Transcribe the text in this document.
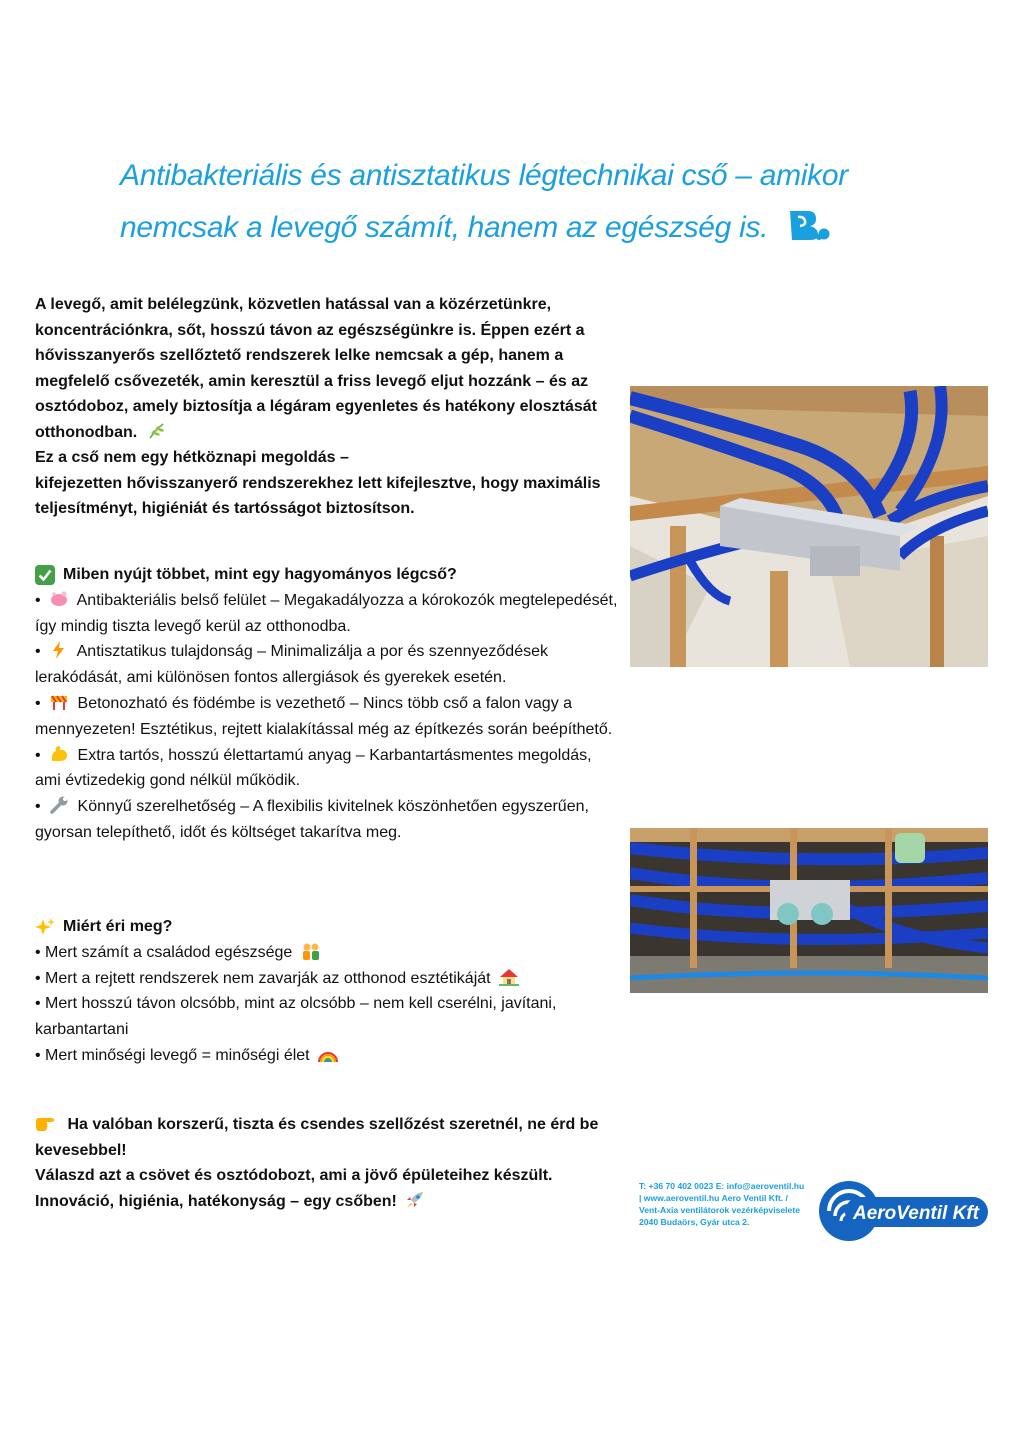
Antibakteriális és antisztatikus légtechnikai cső – amikor
nemcsak a levegő számít, hanem az egészség is.

A levegő, amit belélegzünk, közvetlen hatással van a közérzetünkre, koncentrációnkra, sőt, hosszú távon az egészségünkre is. Éppen ezért a hővisszanyerős szellőztető rendszerek lelke nemcsak a gép, hanem a megfelelő csővezeték, amin keresztül a friss levegő eljut hozzánk – és az osztódoboz, amely biztosítja a légáram egyenletes és hatékony elosztását otthonodban.

Ez a cső nem egy hétköznapi megoldás –

kifejezetten hővisszanyerő rendszerekhez lett kifejlesztve, hogy maximális teljesítményt, higiéniát és tartósságot biztosítson.

Miben nyújt többet, mint egy hagyományos légcső?

• Antibakteriális belső felület – Megakadályozza a kórokozók megtelepedését, így mindig tiszta levegő kerül az otthonodba.

• Antisztatikus tulajdonság – Minimalizálja a por és szennyeződések lerakódását, ami különösen fontos allergiások és gyerekek esetén.

• Betonozható és födémbe is vezethető – Nincs több cső a falon vagy a mennyezeten! Esztétikus, rejtett kialakítással még az építkezés során beépíthető.

• Extra tartós, hosszú élettartamú anyag – Karbantartásmentes megoldás, ami évtizedekig gond nélkül működik.

• Könnyű szerelhetőség – A flexibilis kivitelnek köszönhetően egyszerűen, gyorsan telepíthető, időt és költséget takarítva meg.

Miért éri meg?

• Mert számít a családod egészsége

• Mert a rejtett rendszerek nem zavarják az otthonod esztétikáját

• Mert hosszú távon olcsóbb, mint az olcsóbb – nem kell cserélni, javítani, karbantartani

• Mert minőségi levegő = minőségi élet

Ha valóban korszerű, tiszta és csendes szellőzést szeretnél, ne érd be kevesebbel!

Válaszd azt a csövet és osztódobozt, ami a jövő épületeihez készült.

Innováció, higiénia, hatékonyság – egy csőben!

T: +36 70 402 0023 E: info@aeroventil.hu | www.aeroventil.hu Aero Ventil Kft. / Vent-Axia ventilátorok vezérképviselete 2040 Budaörs, Gyár utca 2.	AeroVentil Kft
